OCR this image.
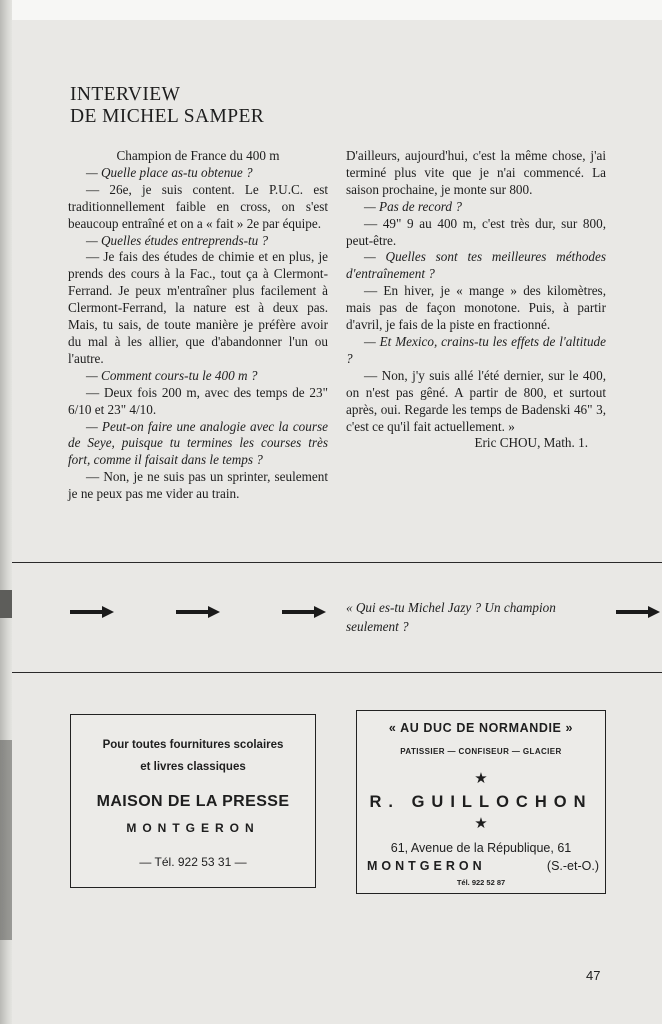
INTERVIEW
DE MICHEL SAMPER

Champion de France du 400 m

— Quelle place as-tu obtenue ?

— 26e, je suis content. Le P.U.C. est traditionnellement faible en cross, on s'est beaucoup entraîné et on a « fait » 2e par équipe.

— Quelles études entreprends-tu ?

— Je fais des études de chimie et en plus, je prends des cours à la Fac., tout ça à Clermont-Ferrand. Je peux m'entraîner plus facilement à Clermont-Ferrand, la nature est à deux pas. Mais, tu sais, de toute manière je préfère avoir du mal à les allier, que d'abandonner l'un ou l'autre.

— Comment cours-tu le 400 m ?

— Deux fois 200 m, avec des temps de 23" 6/10 et 23" 4/10.

— Peut-on faire une analogie avec la course de Seye, puisque tu termines les courses très fort, comme il faisait dans le temps ?

— Non, je ne suis pas un sprinter, seulement je ne peux pas me vider au train.

D'ailleurs, aujourd'hui, c'est la même chose, j'ai terminé plus vite que je n'ai commencé. La saison prochaine, je monte sur 800.

— Pas de record ?

— 49" 9 au 400 m, c'est très dur, sur 800, peut-être.

— Quelles sont tes meilleures méthodes d'entraînement ?

— En hiver, je « mange » des kilomètres, mais pas de façon monotone. Puis, à partir d'avril, je fais de la piste en fractionné.

— Et Mexico, crains-tu les effets de l'altitude ?

— Non, j'y suis allé l'été dernier, sur le 400, on n'est pas gêné. A partir de 800, et surtout après, oui. Regarde les temps de Badenski 46" 3, c'est ce qu'il fait actuellement. »

Eric CHOU, Math. 1.

« Qui es-tu Michel Jazy ? Un champion seulement ?
Pour toutes fournitures scolaires
et livres classiques
MAISON DE LA PRESSE
MONTGERON
— Tél. 922 53 31 —
« AU DUC DE NORMANDIE »
PATISSIER — CONFISEUR — GLACIER
★
R. GUILLOCHON
★
61, Avenue de la République, 61
MONTGERON	(S.-et-O.)
Tél. 922 52 87
47
